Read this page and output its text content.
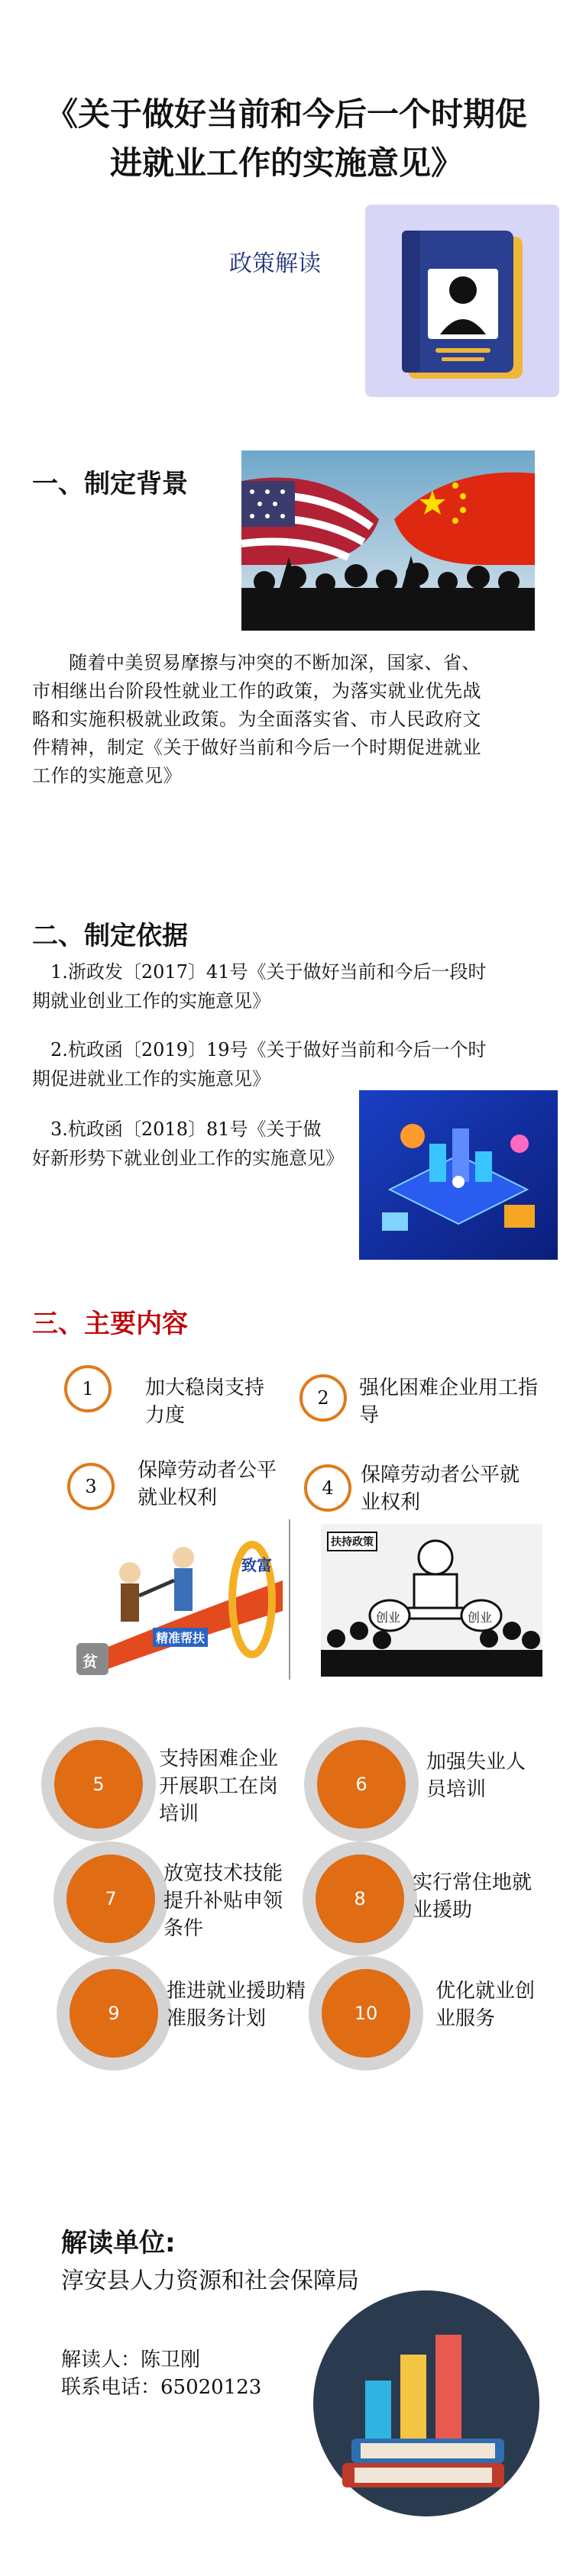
《关于做好当前和今后一个时期促进就业工作的实施意见》
政策解读
一、制定背景
随着中美贸易摩擦与冲突的不断加深，国家、省、市相继出台阶段性就业工作的政策，为落实就业优先战略和实施积极就业政策。为全面落实省、市人民政府文件精神，制定《关于做好当前和今后一个时期促进就业工作的实施意见》
二、制定依据
1.浙政发〔2017〕41号《关于做好当前和今后一段时期就业创业工作的实施意见》
2.杭政函〔2019〕19号《关于做好当前和今后一个时期促进就业工作的实施意见》
3.杭政函〔2018〕81号《关于做好新形势下就业创业工作的实施意见》
三、主要内容
1	加大稳岗支持力度
2	强化困难企业用工指导
3
保障劳动者公平就业权利	4
保障劳动者公平就业权利
致富
精准帮扶
贫
扶持政策
创业	创业
5
支持困难企业开展职工在岗培训
6
加强失业人员培训
7
放宽技术技能提升补贴申领条件
8
实行常住地就业援助
9
推进就业援助精准服务计划	10
优化就业创业服务
解读单位:
淳安县人力资源和社会保障局
解读人：陈卫刚
联系电话：65020123
